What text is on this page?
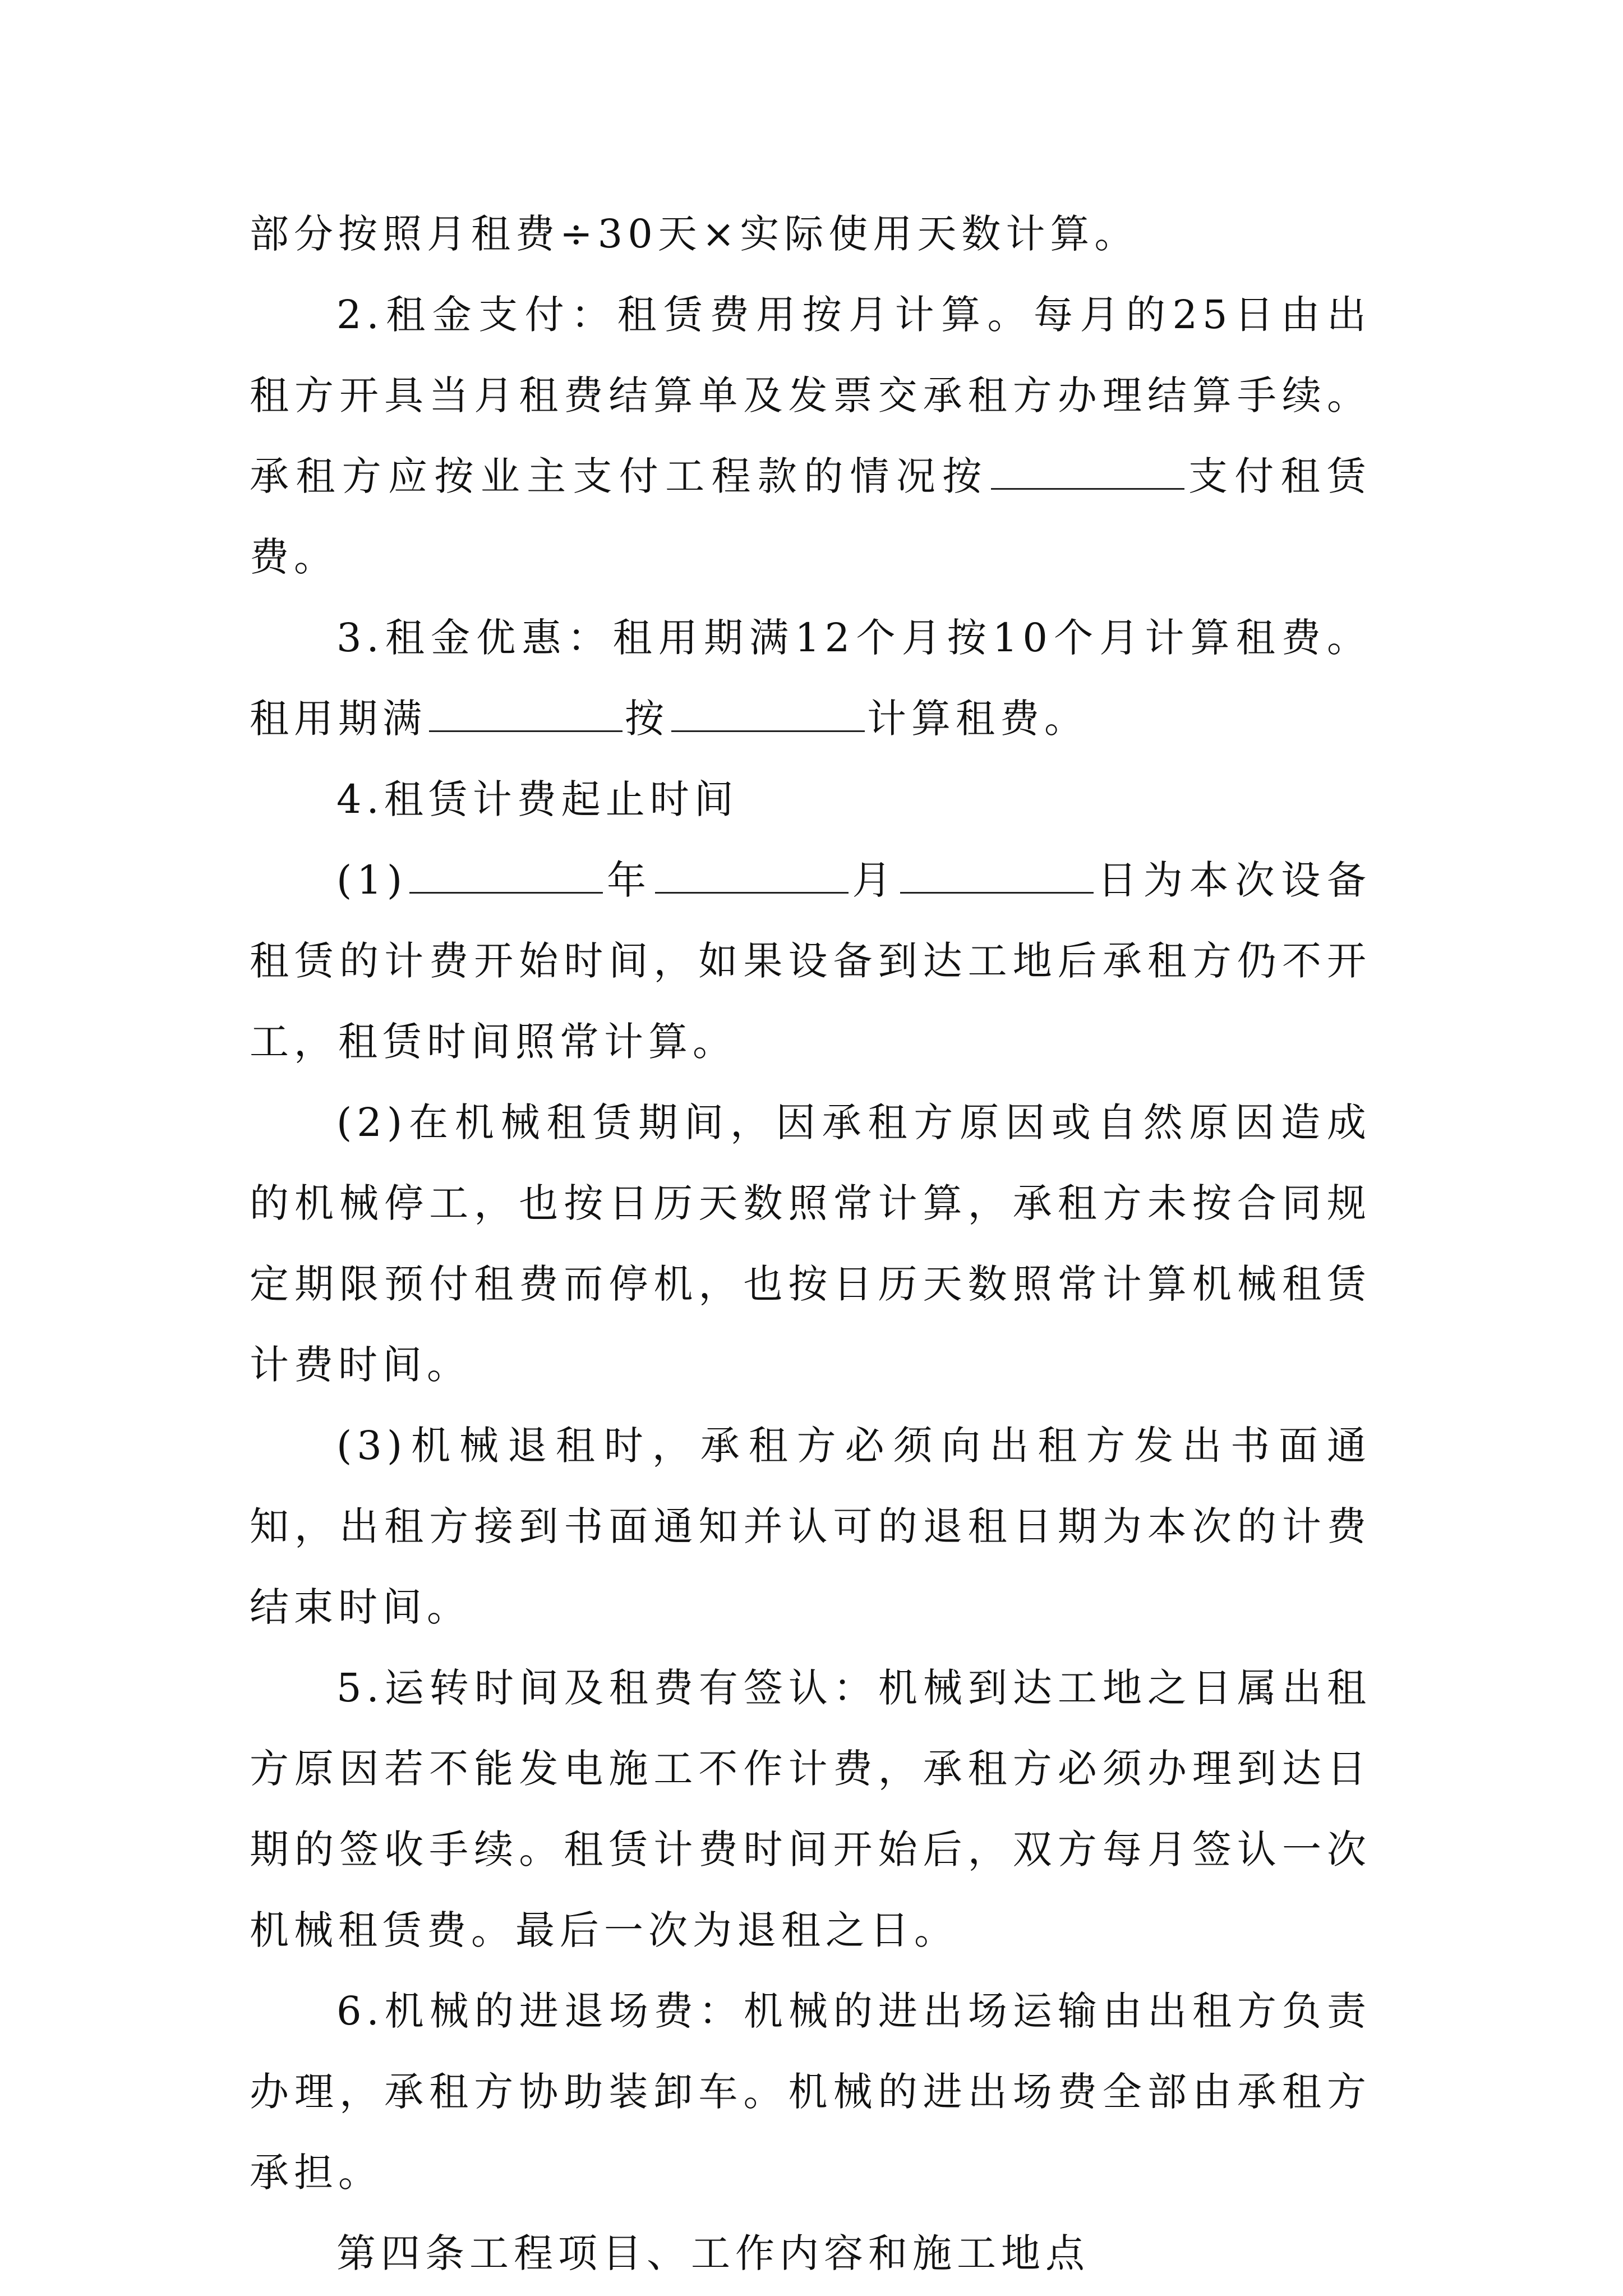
部分按照月租费÷30天×实际使用天数计算。

2.租金支付：租赁费用按月计算。每月的25日由出租方开具当月租费结算单及发票交承租方办理结算手续。承租方应按业主支付工程款的情况按	支付租赁费。

3.租金优惠：租用期满12个月按10个月计算租费。租用期满	按	计算租费。

4.租赁计费起止时间

(1)	年	月	日为本次设备租赁的计费开始时间，如果设备到达工地后承租方仍不开工，租赁时间照常计算。

(2)在机械租赁期间，因承租方原因或自然原因造成的机械停工，也按日历天数照常计算，承租方未按合同规定期限预付租费而停机，也按日历天数照常计算机械租赁计费时间。

(3)机械退租时，承租方必须向出租方发出书面通知，出租方接到书面通知并认可的退租日期为本次的计费结束时间。

5.运转时间及租费有签认：机械到达工地之日属出租方原因若不能发电施工不作计费，承租方必须办理到达日期的签收手续。租赁计费时间开始后，双方每月签认一次机械租赁费。最后一次为退租之日。

6.机械的进退场费：机械的进出场运输由出租方负责办理，承租方协助装卸车。机械的进出场费全部由承租方承担。

第四条工程项目、工作内容和施工地点
